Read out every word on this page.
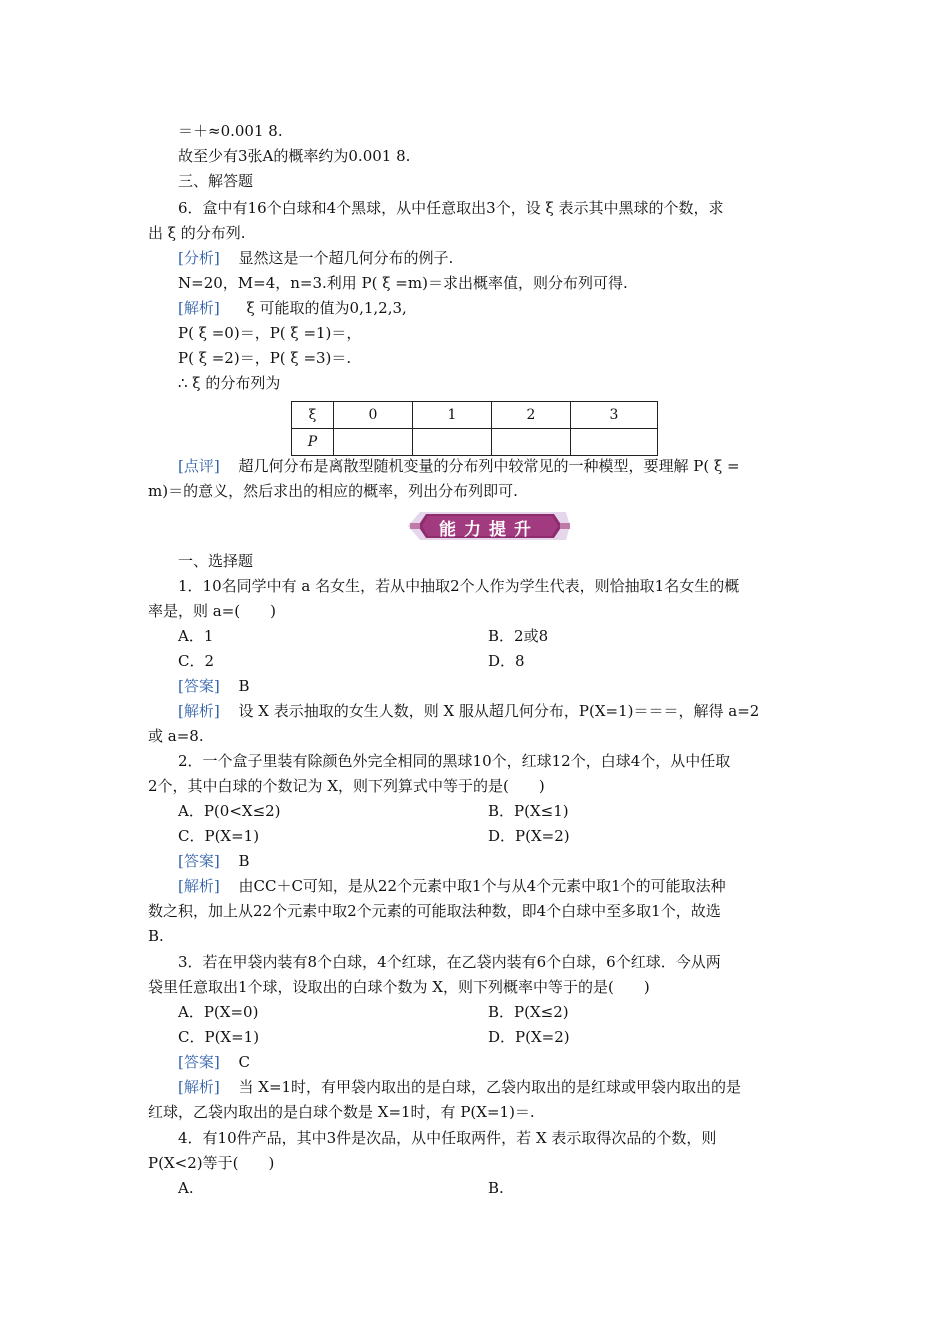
＝＋≈0.001 8.
故至少有3张A的概率约为0.001 8.
三、解答题
6．盒中有16个白球和4个黑球，从中任意取出3个，设 ξ 表示其中黑球的个数，求
出 ξ 的分布列.
[分析] 显然这是一个超几何分布的例子.
N=20，M=4，n=3.利用 P( ξ =m)＝求出概率值，则分布列可得.
[解析] ξ 可能取的值为0,1,2,3,
P( ξ =0)＝，P( ξ =1)＝，
P( ξ =2)＝，P( ξ =3)＝.
∴ ξ 的分布列为
ξ	0	1	2	3
P				
[点评] 超几何分布是离散型随机变量的分布列中较常见的一种模型，要理解 P( ξ =
m)＝的意义，然后求出的相应的概率，列出分布列即可.
能力提升
一、选择题
1．10名同学中有 a 名女生，若从中抽取2个人作为学生代表，则恰抽取1名女生的概
率是，则 a=(　　)
A．1	B．2或8
C．2	D．8
[答案] B
[解析] 设 X 表示抽取的女生人数，则 X 服从超几何分布，P(X=1)＝＝＝，解得 a=2
或 a=8.
2．一个盒子里装有除颜色外完全相同的黑球10个，红球12个，白球4个，从中任取
2个，其中白球的个数记为 X，则下列算式中等于的是(　　)
A．P(0<X≤2)	B．P(X≤1)
C．P(X=1)	D．P(X=2)
[答案] B
[解析] 由CC＋C可知，是从22个元素中取1个与从4个元素中取1个的可能取法种
数之积，加上从22个元素中取2个元素的可能取法种数，即4个白球中至多取1个，故选
B.
3．若在甲袋内装有8个白球，4个红球，在乙袋内装有6个白球，6个红球．今从两
袋里任意取出1个球，设取出的白球个数为 X，则下列概率中等于的是(　　)
A．P(X=0)	B．P(X≤2)
C．P(X=1)	D．P(X=2)
[答案] C
[解析] 当 X=1时，有甲袋内取出的是白球，乙袋内取出的是红球或甲袋内取出的是
红球，乙袋内取出的是白球个数是 X=1时，有 P(X=1)＝.
4．有10件产品，其中3件是次品，从中任取两件，若 X 表示取得次品的个数，则
P(X<2)等于(　　)
A.	B.
